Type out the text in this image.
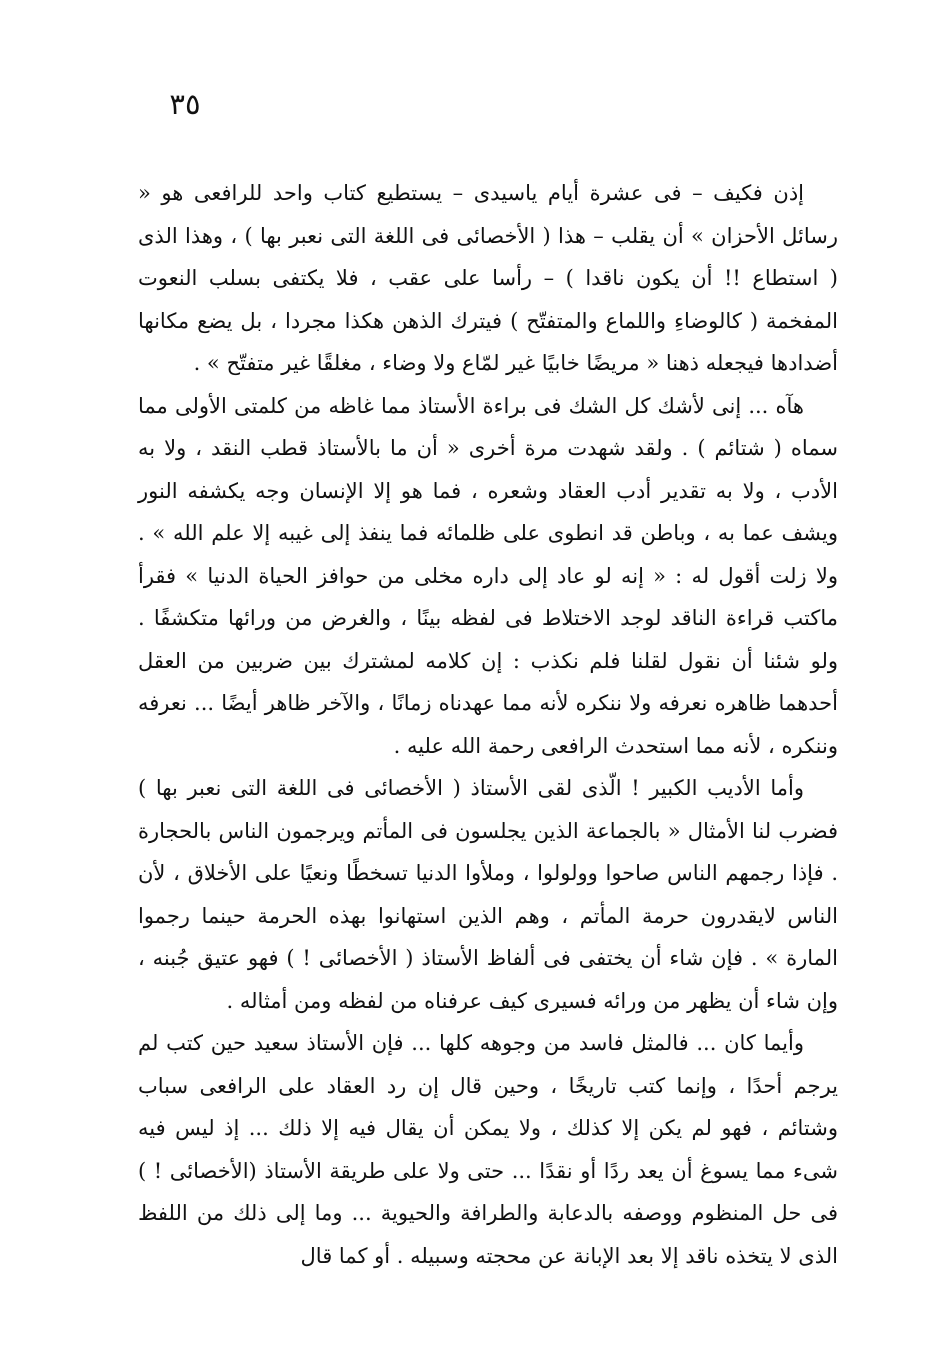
٣٥

إذن فكيف – فى عشرة أيام ياسيدى – يستطيع كتاب واحد للرافعى هو « رسائل الأحزان » أن يقلب – هذا ( الأخصائى فى اللغة التى نعبر بها ) ، وهذا الذى ( استطاع !! أن يكون ناقدا ) – رأسا على عقب ، فلا يكتفى بسلب النعوت المفخمة ( كالوضاءِ واللماع والمتفتّح ) فيترك الذهن هكذا مجردا ، بل يضع مكانها أضدادها فيجعله ذهنا « مريضًا خابيًا غير لمّاع ولا وضاء ، مغلقًا غير متفتّح » .

هآه ... إنى لأشك كل الشك فى براءة الأستاذ مما غاظه من كلمتى الأولى مما سماه ( شتائم ) . ولقد شهدت مرة أخرى « أن ما بالأستاذ قطب النقد ، ولا به الأدب ، ولا به تقدير أدب العقاد وشعره ، فما هو إلا الإنسان وجه يكشفه النور ويشف عما به ، وباطن قد انطوى على ظلمائه فما ينفذ إلى غيبه إلا علم الله » . ولا زلت أقول له : « إنه لو عاد إلى داره مخلى من حوافز الحياة الدنيا » فقرأ ماكتب قراءة الناقد لوجد الاختلاط فى لفظه بينًا ، والغرض من ورائها متكشفًا . ولو شئنا أن نقول لقلنا فلم نكذب : إن كلامه لمشترك بين ضربين من العقل أحدهما ظاهره نعرفه ولا ننكره لأنه مما عهدناه زمانًا ، والآخر ظاهر أيضًا ... نعرفه وننكره ، لأنه مما استحدث الرافعى رحمة الله عليه .

وأما الأديب الكبير ! الّذى لقى الأستاذ ( الأخصائى فى اللغة التى نعبر بها ) فضرب لنا الأمثال « بالجماعة الذين يجلسون فى المأتم ويرجمون الناس بالحجارة . فإذا رجمهم الناس صاحوا وولولوا ، وملأوا الدنيا تسخطًا ونعيًا على الأخلاق ، لأن الناس لايقدرون حرمة المأتم ، وهم الذين استهانوا بهذه الحرمة حينما رجموا المارة » . فإن شاء أن يختفى فى ألفاظ الأستاذ ( الأخصائى ! ) فهو عتيق جُبنه ، وإن شاء أن يظهر من ورائه فسيرى كيف عرفناه من لفظه ومن أمثاله .

وأيما كان ... فالمثل فاسد من وجوهه كلها ... فإن الأستاذ سعيد حين كتب لم يرجم أحدًا ، وإنما كتب تاريخًا ، وحين قال إن رد العقاد على الرافعى سباب وشتائم ، فهو لم يكن إلا كذلك ، ولا يمكن أن يقال فيه إلا ذلك ... إذ ليس فيه شىء مما يسوغ أن يعد ردًا أو نقدًا ... حتى ولا على طريقة الأستاذ (الأخصائى ! ) فى حل المنظوم ووصفه بالدعابة والطرافة والحيوية ... وما إلى ذلك من اللفظ الذى لا يتخذه ناقد إلا بعد الإبانة عن محجته وسبيله . أو كما قال
